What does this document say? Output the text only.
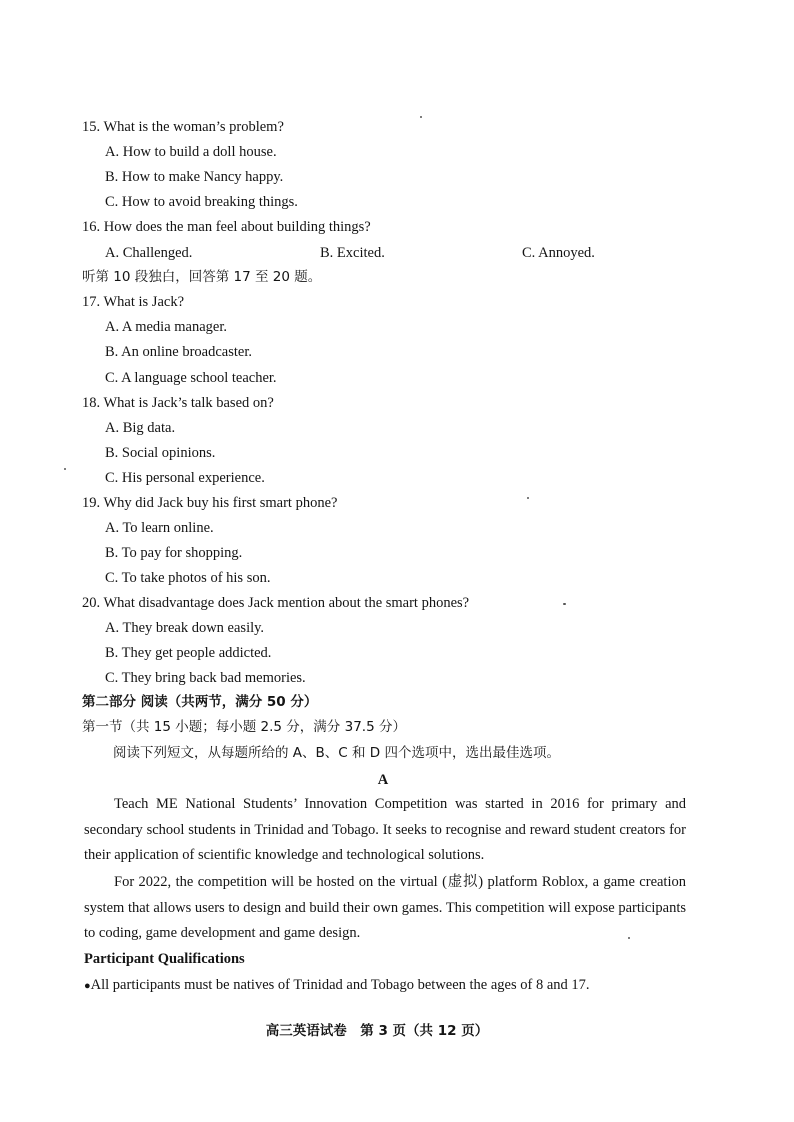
15. What is the woman’s problem?
A. How to build a doll house.
B. How to make Nancy happy.
C. How to avoid breaking things.
16. How does the man feel about building things?
A. Challenged.	B. Excited.	C. Annoyed.
听第 10 段独白，回答第 17 至 20 题。
17. What is Jack?
A. A media manager.
B. An online broadcaster.
C. A language school teacher.
18. What is Jack’s talk based on?
A. Big data.
B. Social opinions.
C. His personal experience.
19. Why did Jack buy his first smart phone?
A. To learn online.
B. To pay for shopping.
C. To take photos of his son.
20. What disadvantage does Jack mention about the smart phones?
A. They break down easily.
B. They get people addicted.
C. They bring back bad memories.
第二部分 阅读（共两节，满分 50 分）
第一节（共 15 小题；每小题 2.5 分，满分 37.5 分）
阅读下列短文，从每题所给的 A、B、C 和 D 四个选项中，选出最佳选项。
A
Teach ME National Students’ Innovation Competition was started in 2016 for primary and secondary school students in Trinidad and Tobago. It seeks to recognise and reward student creators for their application of scientific knowledge and technological solutions.
For 2022, the competition will be hosted on the virtual (虚拟) platform Roblox, a game creation system that allows users to design and build their own games. This competition will expose participants to coding, game development and game design.
Participant Qualifications
●All participants must be natives of Trinidad and Tobago between the ages of 8 and 17.
高三英语试卷　第 3 页（共 12 页）
